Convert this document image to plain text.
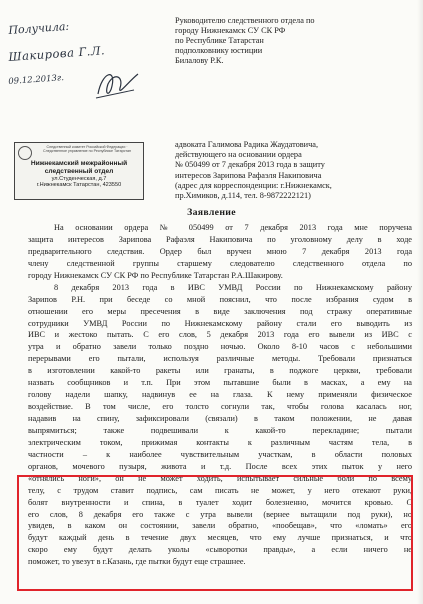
Получила:
Шакирова Г.Л.
09.12.2013г.
Руководителю следственного отдела по
городу Нижнекамск СУ СК РФ
по Республике Татарстан
подполковнику юстиции
Билалову Р.К.
Следственный комитет Российской Федерации · Следственное управление по Республике Татарстан
Нижнекамский межрайонный
следственный отдел
ул.Студенческая, д.7
г.Нижнекамск Татарстан, 423550
адвоката Галимова Радика Жаудатовича,
действующего на основании ордера
№ 050499 от 7 декабря 2013 года в защиту
интересов Зарипова Рафаэля Накиповича
(адрес для корреспонденции: г.Нижнекамск,
пр.Химиков, д.114, тел. 8-9872222121)
Заявление
На основании ордера № 050499 от 7 декабря 2013 года мне поручена
защита интересов Зарипова Рафаэля Накиповича по уголовному делу в ходе
предварительного следствия. Ордер был вручен мною 7 декабря 2013 года
члену следственной группы старшему следователю следственного отдела по
городу Нижнекамск СУ СК РФ по Республике Татарстан Р.А.Шакирову.
8 декабря 2013 года в ИВС УМВД России по Нижнекамскому району
Зарипов Р.Н. при беседе со мной пояснил, что после избрания судом в
отношении его меры пресечения в виде заключения под стражу оперативные
сотрудники УМВД России по Нижнекамскому району стали его выводить из
ИВС и жестоко пытать. С его слов, 5 декабря 2013 года его вывели из ИВС с
утра и обратно завели только поздно ночью. Около 8-10 часов с небольшими
перерывами его пытали, используя различные методы. Требовали признаться
в изготовлении какой-то ракеты или гранаты, в поджоге церкви, требовали
назвать сообщников и т.п. При этом пытавшие были в масках, а ему на
голову надели шапку, надвинув ее на глаза. К нему применяли физическое
воздействие. В том числе, его толсто согнули так, чтобы голова касалась ног,
надавив на спину, зафиксировали (связали) в таком положении, не давая
выпрямиться; также подвешивали к какой-то перекладине; пытали
электрическим током, прижимая контакты к различным частям тела, в
частности – к наиболее чувствительным участкам, в области половых
органов, мочевого пузыря, живота и т.д. После всех этих пыток у него
«отнялись ноги», он не может ходить, испытывает сильные боли по всему
телу, с трудом ставит подпись, сам писать не может, у него отекают руки,
болят внутренности и спина, в туалет ходит болезненно, мочится кровью. С
его слов, 8 декабря его также с утра вывели (вернее вытащили под руки), но
увидев, в каком он состоянии, завели обратно, «пообещав», что «ломать» его
будут каждый день в течение двух месяцев, что ему лучше признаться, и что
скоро ему будут делать уколы «сыворотки правды», а если ничего не
поможет, то увезут в г.Казань, где пытки будут еще страшнее.
